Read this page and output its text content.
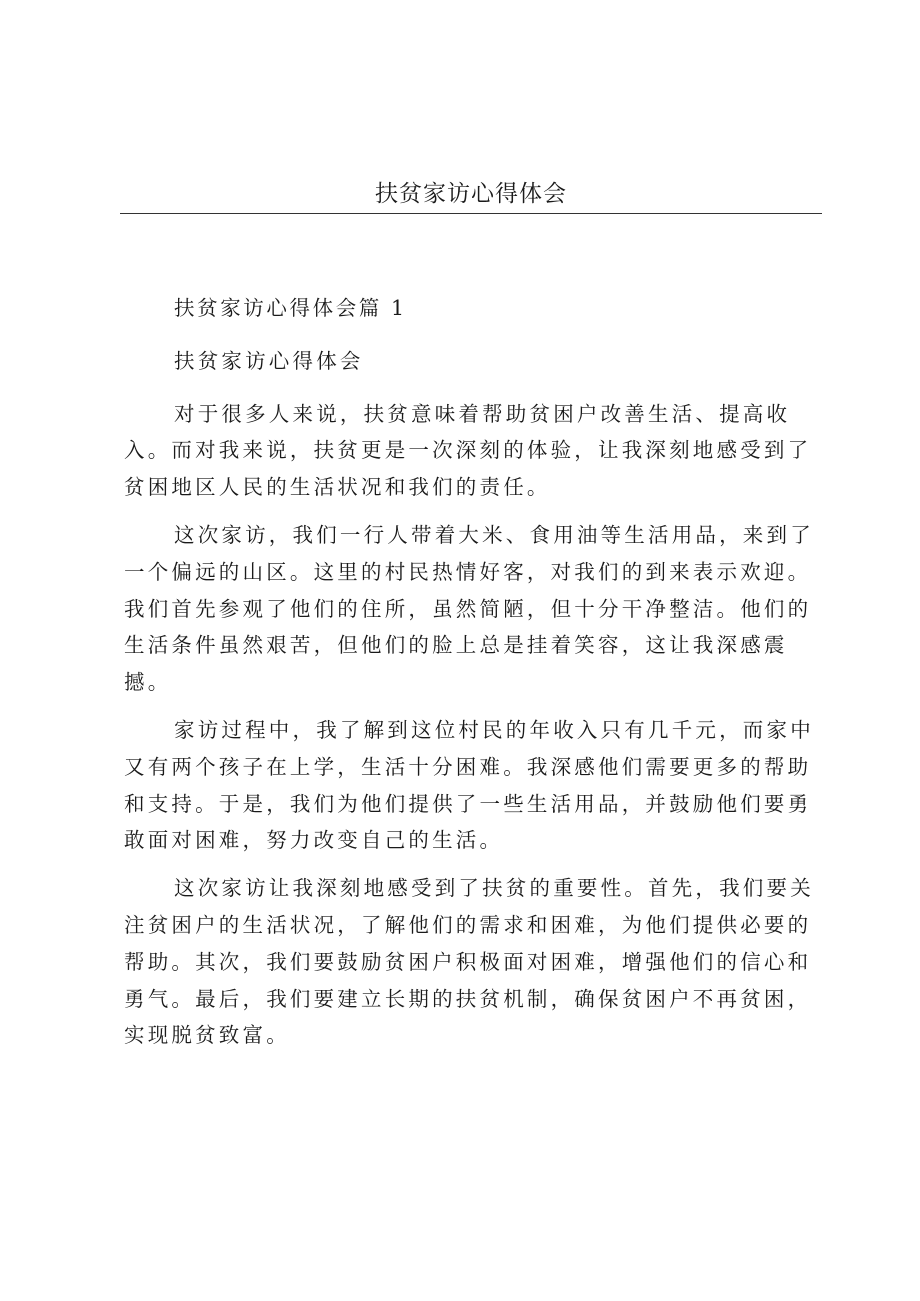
扶贫家访心得体会
扶贫家访心得体会篇 1
扶贫家访心得体会

对于很多人来说，扶贫意味着帮助贫困户改善生活、提高收入。而对我来说，扶贫更是一次深刻的体验，让我深刻地感受到了贫困地区人民的生活状况和我们的责任。

这次家访，我们一行人带着大米、食用油等生活用品，来到了一个偏远的山区。这里的村民热情好客，对我们的到来表示欢迎。我们首先参观了他们的住所，虽然简陋，但十分干净整洁。他们的生活条件虽然艰苦，但他们的脸上总是挂着笑容，这让我深感震撼。

家访过程中，我了解到这位村民的年收入只有几千元，而家中又有两个孩子在上学，生活十分困难。我深感他们需要更多的帮助和支持。于是，我们为他们提供了一些生活用品，并鼓励他们要勇敢面对困难，努力改变自己的生活。

这次家访让我深刻地感受到了扶贫的重要性。首先，我们要关注贫困户的生活状况，了解他们的需求和困难，为他们提供必要的帮助。其次，我们要鼓励贫困户积极面对困难，增强他们的信心和勇气。最后，我们要建立长期的扶贫机制，确保贫困户不再贫困，实现脱贫致富。
